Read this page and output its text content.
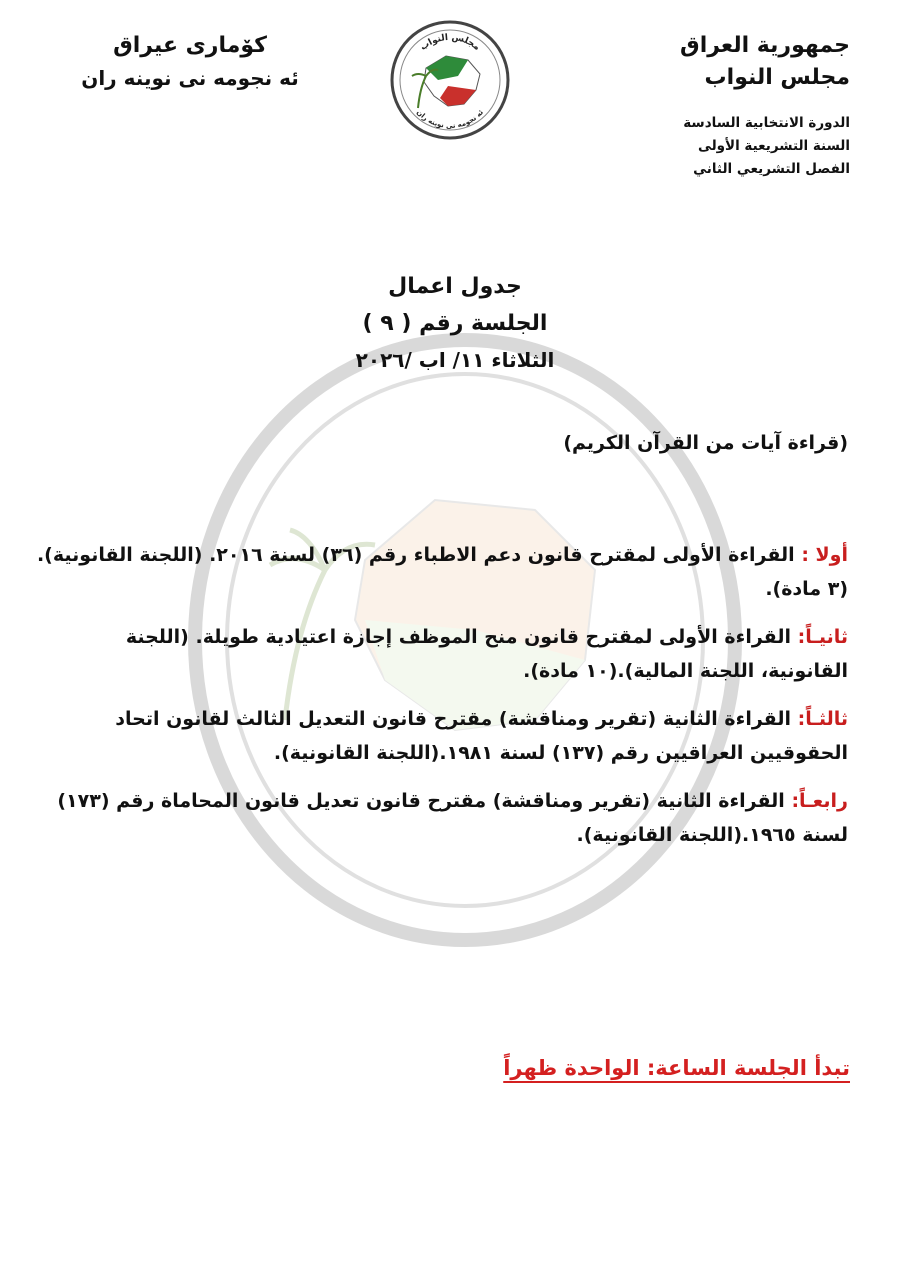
جمهورية العراق
مجلس النواب
الدورة الانتخابية السادسة
السنة التشريعية الأولى
الفصل التشريعي الثاني
مجلس النواب
ئه نجومه نى نوينه ران
كۆمارى عيراق
ئه نجومه نى نوينه ران
جدول اعمال
الجلسة رقم ( ٩ )
الثلاثاء ١١/ اب /٢٠٢٦
(قراءة آيات من القرآن الكريم)
أولا : القراءة الأولى لمقترح قانون دعم الاطباء رقم (٣٦) لسنة ٢٠١٦. (اللجنة القانونية). (٣ مادة).
ثانيـاً: القراءة الأولى لمقترح قانون منح الموظف إجازة اعتيادية طويلة. (اللجنة القانونية، اللجنة المالية).(١٠ مادة).
ثالثـاً: القراءة الثانية (تقرير ومناقشة) مقترح قانون التعديل الثالث لقانون اتحاد الحقوقيين العراقيين رقم (١٣٧) لسنة ١٩٨١.(اللجنة القانونية).
رابعـاً: القراءة الثانية (تقرير ومناقشة) مقترح قانون تعديل قانون المحاماة رقم (١٧٣) لسنة ١٩٦٥.(اللجنة القانونية).
تبدأ الجلسة الساعة: الواحدة ظهراً
